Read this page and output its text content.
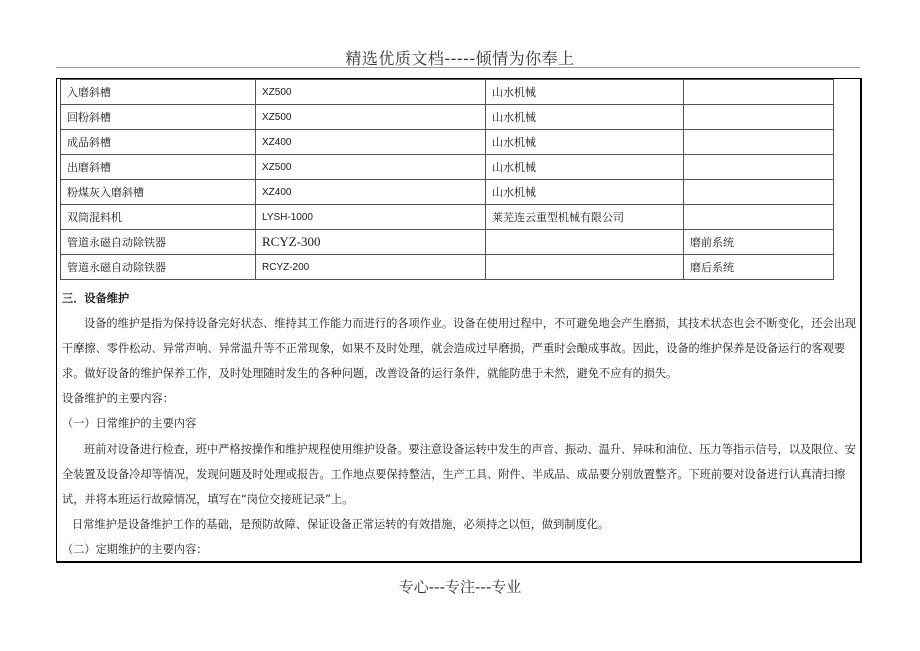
精选优质文档-----倾情为你奉上
入磨斜槽	XZ500	山水机械	
回粉斜槽	XZ500	山水机械	
成品斜槽	XZ400	山水机械	
出磨斜槽	XZ500	山水机械	
粉煤灰入磨斜槽	XZ400	山水机械	
双筒混料机	LYSH-1000	莱芜连云重型机械有限公司	
管道永磁自动除铁器	RCYZ-300		磨前系统
管道永磁自动除铁器	RCYZ-200		磨后系统
三．设备维护
设备的维护是指为保持设备完好状态、维持其工作能力而进行的各项作业。设备在使用过程中，不可避免地会产生磨损，其技术状态也会不断变化，还会出现干摩擦、零件松动、异常声响、异常温升等不正常现象，如果不及时处理，就会造成过早磨损，严重时会酿成事故。因此，设备的维护保养是设备运行的客观要求。做好设备的维护保养工作，及时处理随时发生的各种问题，改善设备的运行条件，就能防患于未然，避免不应有的损失。
设备维护的主要内容：
（一）日常维护的主要内容
班前对设备进行检查，班中严格按操作和维护规程使用维护设备。要注意设备运转中发生的声音、振动、温升、异味和油位、压力等指示信号，以及限位、安全装置及设备冷却等情况，发现问题及时处理或报告。工作地点要保持整洁，生产工具、附件、半成品、成品要分别放置整齐。下班前要对设备进行认真清扫擦试，并将本班运行故障情况，填写在“岗位交接班记录”上。
日常维护是设备维护工作的基础，是预防故障、保证设备正常运转的有效措施，必须持之以恒，做到制度化。
（二）定期维护的主要内容：
专心---专注---专业
